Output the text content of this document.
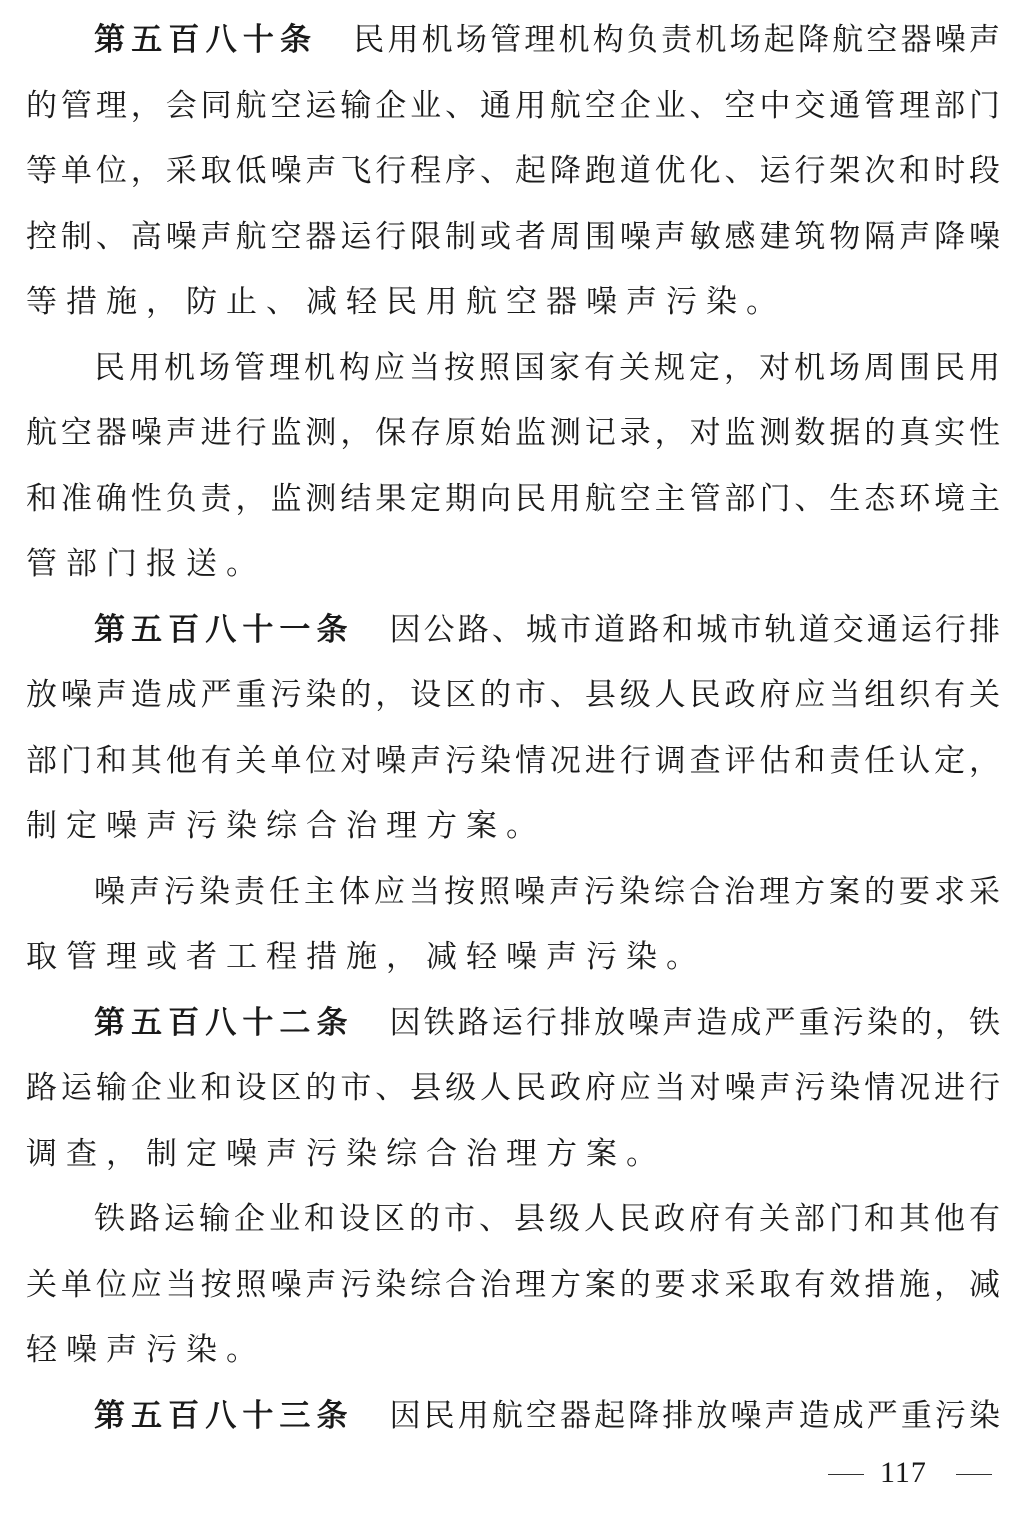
第五百八十条 民用机场管理机构负责机场起降航空器噪声
的管理，会同航空运输企业、通用航空企业、空中交通管理部门
等单位，采取低噪声飞行程序、起降跑道优化、运行架次和时段
控制、高噪声航空器运行限制或者周围噪声敏感建筑物隔声降噪
等措施，防止、减轻民用航空器噪声污染。
民用机场管理机构应当按照国家有关规定，对机场周围民用
航空器噪声进行监测，保存原始监测记录，对监测数据的真实性
和准确性负责，监测结果定期向民用航空主管部门、生态环境主
管部门报送。
第五百八十一条 因公路、城市道路和城市轨道交通运行排
放噪声造成严重污染的，设区的市、县级人民政府应当组织有关
部门和其他有关单位对噪声污染情况进行调查评估和责任认定，
制定噪声污染综合治理方案。
噪声污染责任主体应当按照噪声污染综合治理方案的要求采
取管理或者工程措施，减轻噪声污染。
第五百八十二条 因铁路运行排放噪声造成严重污染的，铁
路运输企业和设区的市、县级人民政府应当对噪声污染情况进行
调查，制定噪声污染综合治理方案。
铁路运输企业和设区的市、县级人民政府有关部门和其他有
关单位应当按照噪声污染综合治理方案的要求采取有效措施，减
轻噪声污染。
第五百八十三条 因民用航空器起降排放噪声造成严重污染
117
